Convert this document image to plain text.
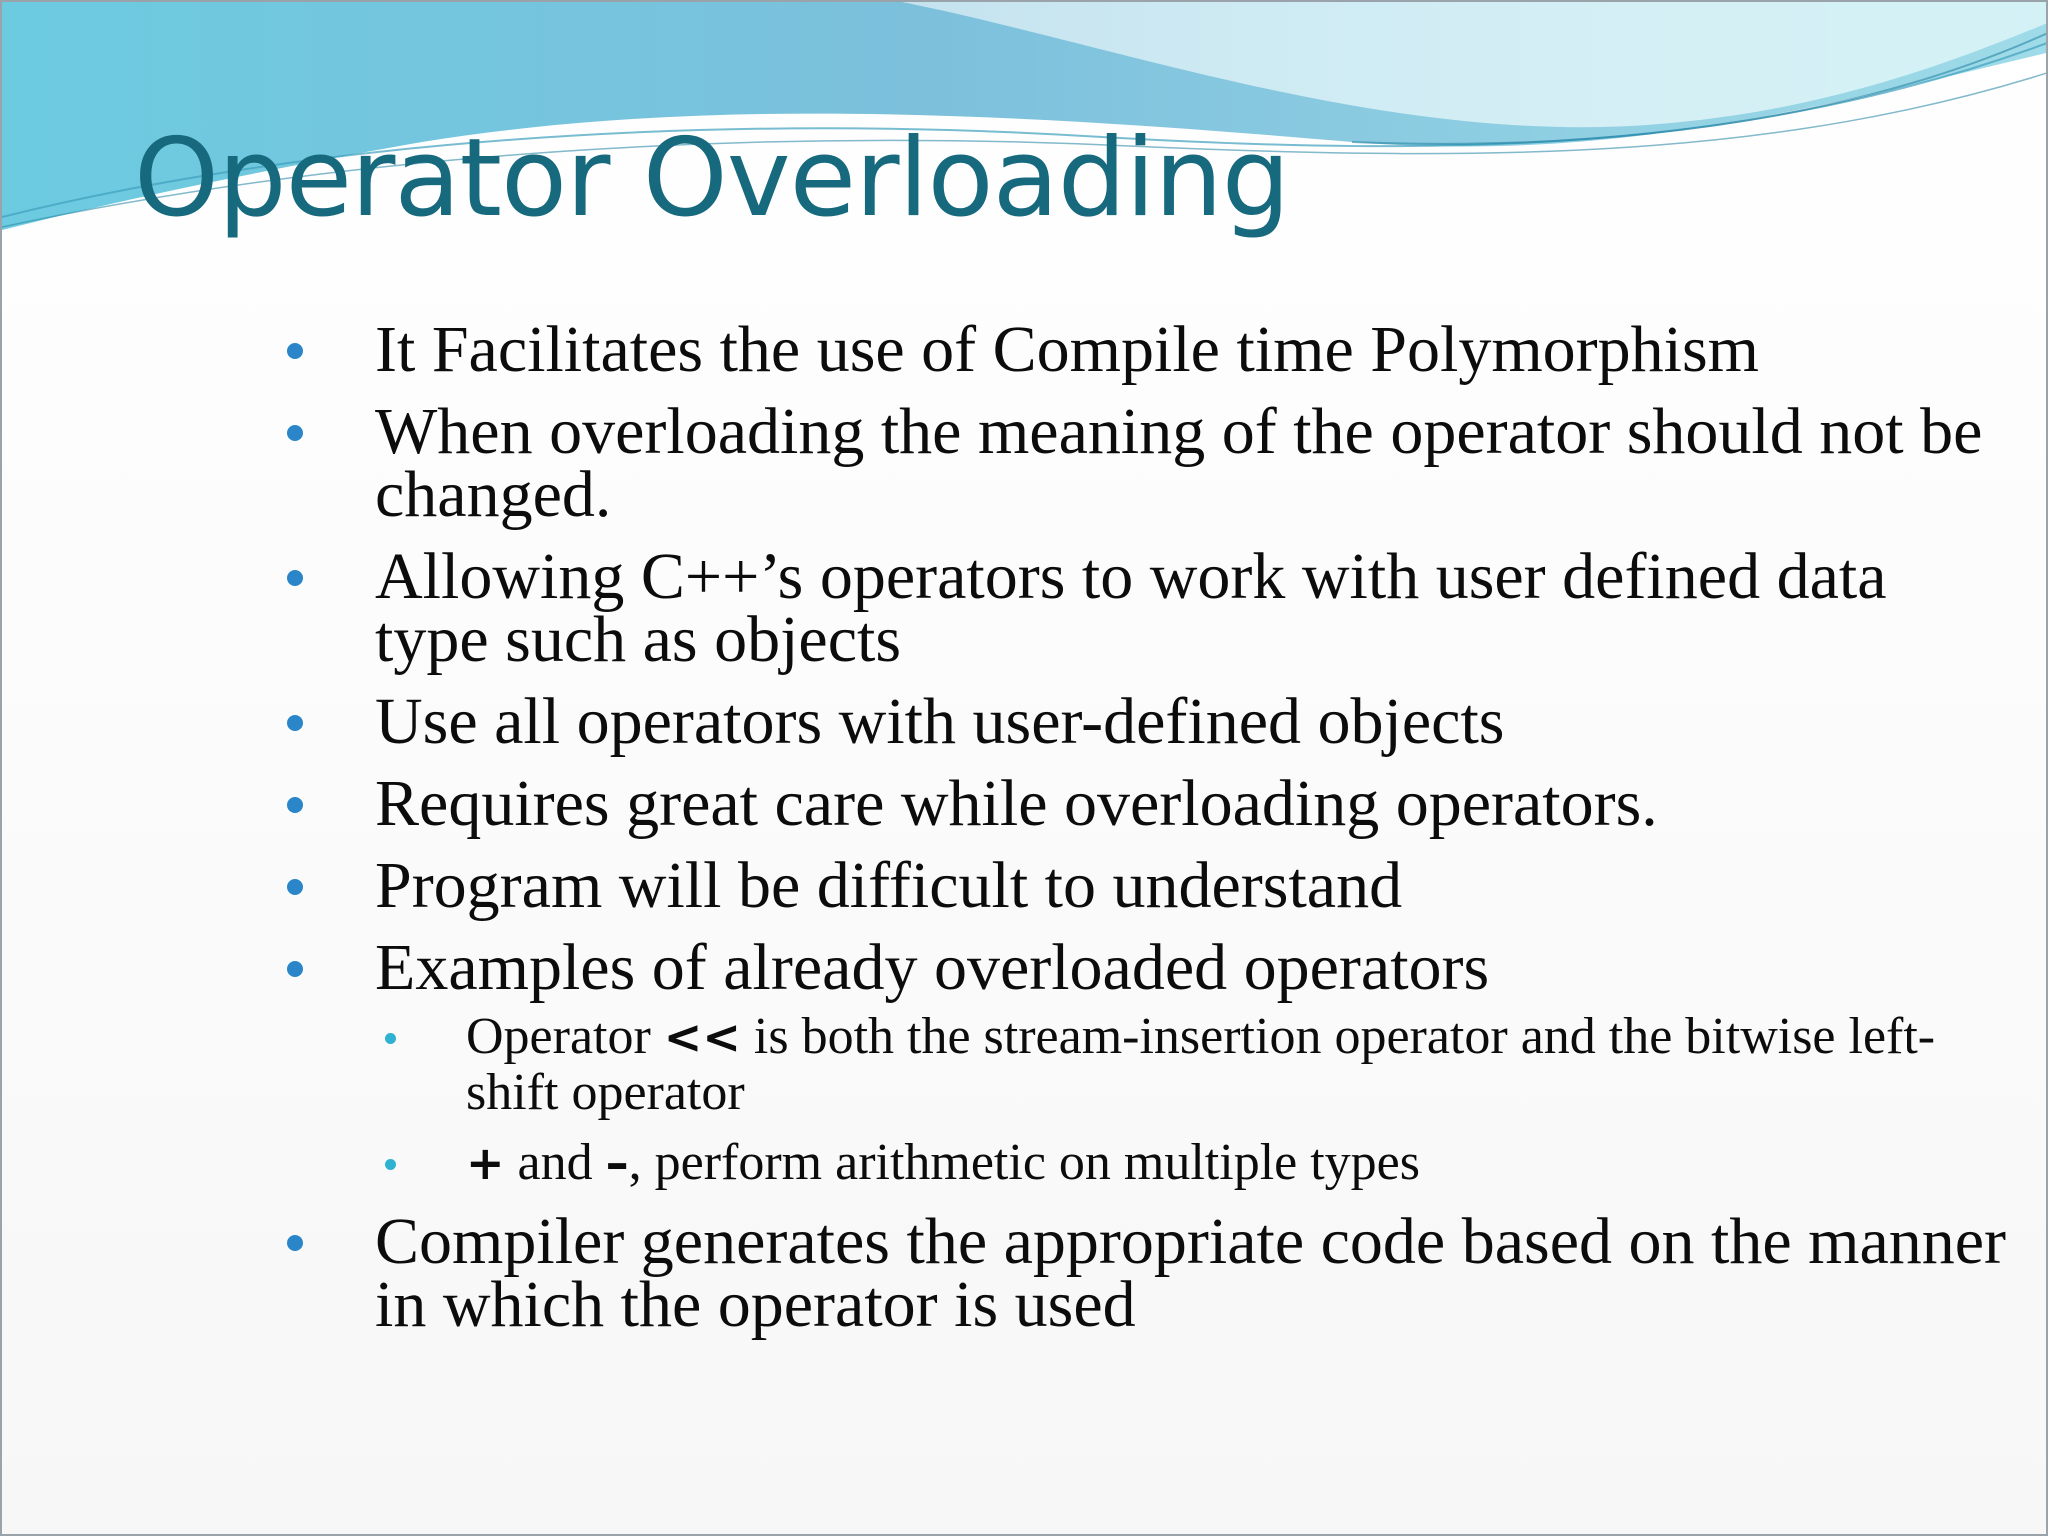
Operator Overloading
It Facilitates the use of Compile time Polymorphism
When overloading the meaning of the operator should not be changed.
Allowing C++’s operators to work with user defined data type such as objects
Use all operators with user-defined objects
Requires great care while overloading operators.
Program will be difficult to understand
Examples of already overloaded operators
Operator << is both the stream-insertion operator and the bitwise left-shift operator
+ and –, perform arithmetic on multiple types
Compiler generates the appropriate code based on the manner in which the operator is used
